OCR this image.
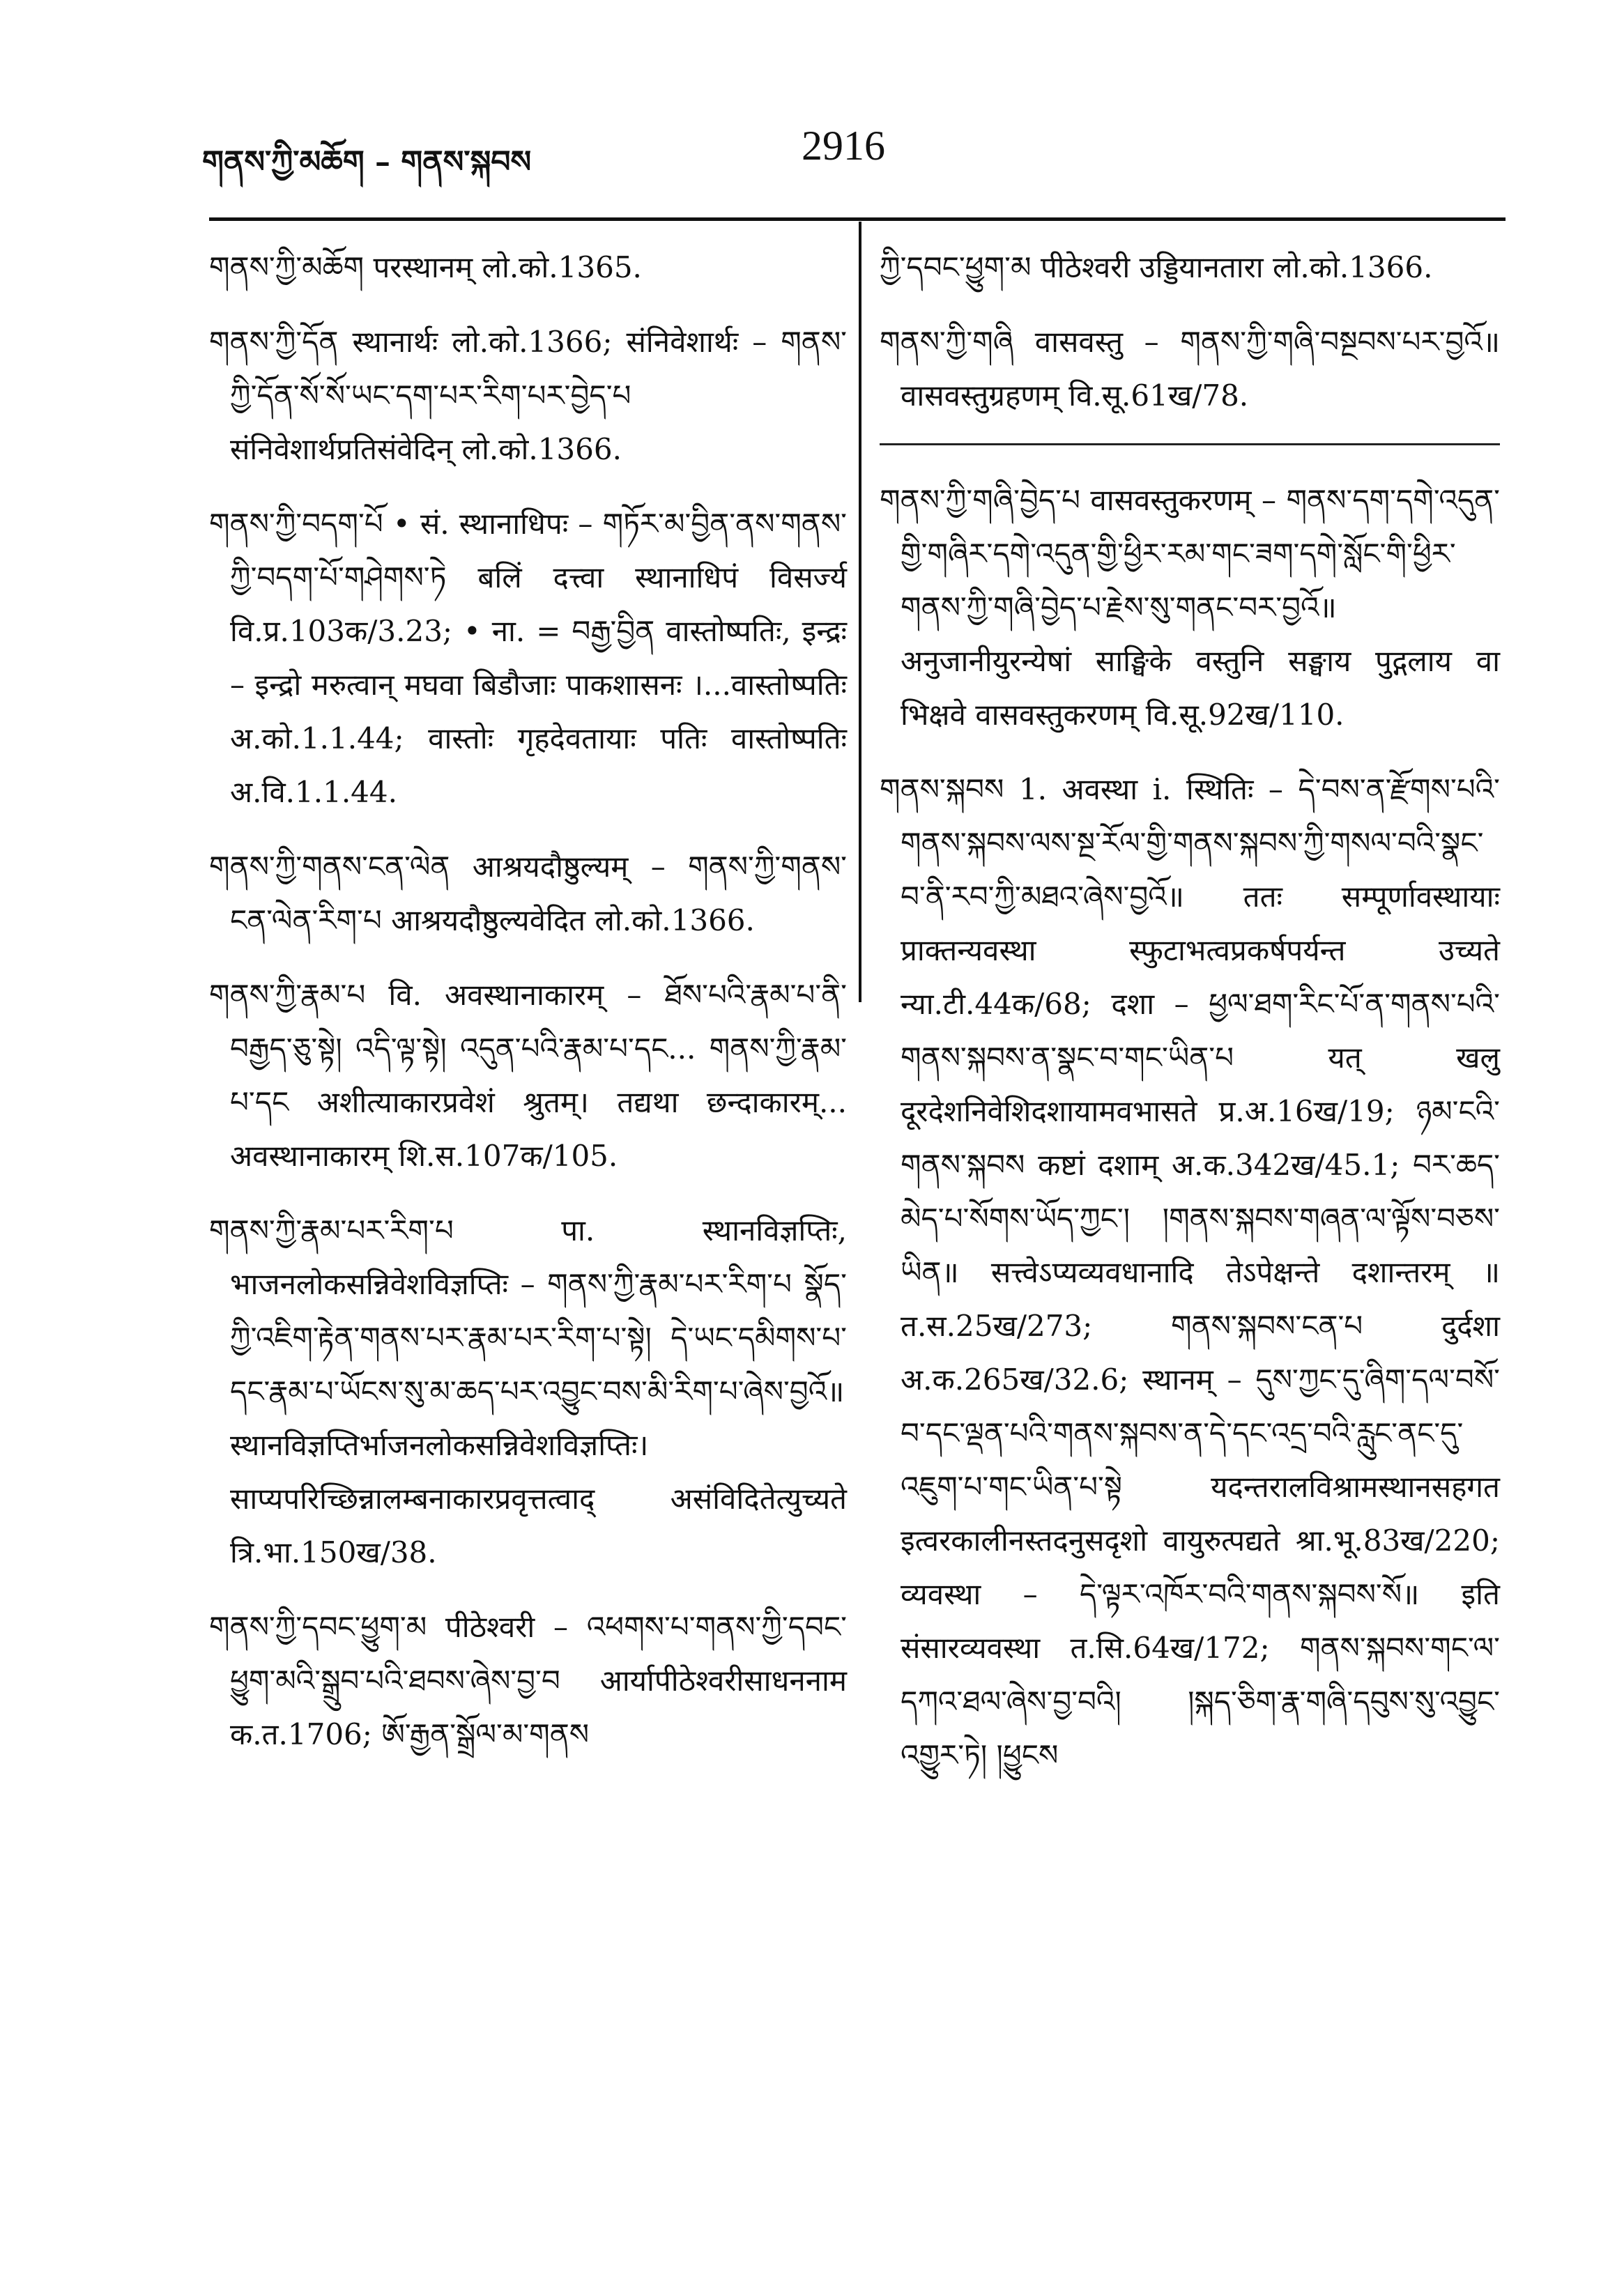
གནས་ཀྱི་མཆོག – གནས་སྐབས	2916
གནས་ཀྱི་མཆོག परस्थानम् लो.को.1365.
གནས་ཀྱི་དོན स्थानार्थः लो.को.1366; संनिवेशार्थः – གནས་ཀྱི་དོན་སོ་སོ་ཡང་དག་པར་རིག་པར་བྱེད་པ संनिवेशार्थप्रतिसंवेदिन् लो.को.1366.
གནས་ཀྱི་བདག་པོ • सं. स्थानाधिपः – གཏོར་མ་བྱིན་ནས་གནས་ཀྱི་བདག་པོ་གཤེགས་ཏེ बलिं दत्त्वा स्थानाधिपं विसर्ज्य वि.प्र.103क/3.23; • ना. = བརྒྱ་བྱིན वास्तोष्पतिः, इन्द्रः – इन्द्रो मरुत्वान् मघवा बिडौजाः पाकशासनः ।...वास्तोष्पतिः अ.को.1.1.44; वास्तोः गृहदेवतायाः पतिः वास्तोष्पतिः अ.वि.1.1.44.
གནས་ཀྱི་གནས་ངན་ལེན आश्रयदौष्ठुल्यम् – གནས་ཀྱི་གནས་ངན་ལེན་རིག་པ आश्रयदौष्ठुल्यवेदित लो.को.1366.
གནས་ཀྱི་རྣམ་པ वि. अवस्थानाकारम् – ཐོས་པའི་རྣམ་པ་ནི་བརྒྱད་ཅུ་སྟེ། འདི་ལྟ་སྟེ། འདུན་པའི་རྣམ་པ་དང... གནས་ཀྱི་རྣམ་པ་དང अशीत्याकारप्रवेशं श्रुतम्। तद्यथा छन्दाकारम्... अवस्थानाकारम् शि.स.107क/105.
གནས་ཀྱི་རྣམ་པར་རིག་པ पा. स्थानविज्ञप्तिः, भाजनलोकसन्निवेशविज्ञप्तिः – གནས་ཀྱི་རྣམ་པར་རིག་པ སྣོད་ཀྱི་འཇིག་རྟེན་གནས་པར་རྣམ་པར་རིག་པ་སྟེ། དེ་ཡང་དམིགས་པ་དང་རྣམ་པ་ཡོངས་སུ་མ་ཆད་པར་འབྱུང་བས་མི་རིག་པ་ཞེས་བྱའོ॥ स्थानविज्ञप्तिर्भाजनलोकसन्निवेशविज्ञप्तिः। साप्यपरिच्छिन्नालम्बनाकारप्रवृत्तत्वाद् असंविदितेत्युच्यते त्रि.भा.150ख/38.
གནས་ཀྱི་དབང་ཕྱུག་མ पीठेश्वरी – འཕགས་པ་གནས་ཀྱི་དབང་ཕྱུག་མའི་སྒྲུབ་པའི་ཐབས་ཞེས་བྱ་བ आर्यापीठेश्वरीसाधननाम क.त.1706; ཨོ་རྒྱན་སྒྲོལ་མ་གནས
ཀྱི་དབང་ཕྱུག་མ पीठेश्वरी उड्डियानतारा लो.को.1366.
གནས་ཀྱི་གཞི वासवस्तु – གནས་ཀྱི་གཞི་བསྔབས་པར་བྱའོ॥ वासवस्तुग्रहणम् वि.सू.61ख/78.
གནས་ཀྱི་གཞི་བྱེད་པ वासवस्तुकरणम् – གནས་དག་དགེ་འདུན་གྱི་གཞིར་དགེ་འདུན་གྱི་ཕྱིར་རམ་གང་ཟག་དགེ་སློང་གི་ཕྱིར་གནས་ཀྱི་གཞི་བྱེད་པ་རྗེས་སུ་གནང་བར་བྱའོ॥ अनुजानीयुरन्येषां साङ्घिके वस्तुनि सङ्घाय पुद्गलाय वा भिक्षवे वासवस्तुकरणम् वि.सू.92ख/110.
གནས་སྐབས 1. अवस्था i. स्थितिः – དེ་བས་ན་རྫོགས་པའི་གནས་སྐབས་ལས་སྔ་རོལ་གྱི་གནས་སྐབས་ཀྱི་གསལ་བའི་སྣང་བ་ནི་རབ་ཀྱི་མཐའ་ཞེས་བྱའོ॥ ततः सम्पूर्णावस्थायाः प्राक्तन्यवस्था स्फुटाभत्वप्रकर्षपर्यन्त उच्यते न्या.टी.44क/68; दशा – ཕྱལ་ཐག་རིང་པོ་ན་གནས་པའི་གནས་སྐབས་ན་སྣང་བ་གང་ཡིན་པ यत् खलु दूरदेशनिवेशिदशायामवभासते प्र.अ.16ख/19; ཉམ་ངའི་གནས་སྐབས कष्टां दशाम् अ.क.342ख/45.1; བར་ཆད་མེད་པ་སོགས་ཡོད་ཀྱང་། །གནས་སྐབས་གཞན་ལ་ལྟོས་བཅས་ཡིན॥ सत्त्वेऽप्यव्यवधानादि तेऽपेक्षन्ते दशान्तरम् ॥ त.स.25ख/273; གནས་སྐབས་ངན་པ दुर्दशा अ.क.265ख/32.6; स्थानम् – དུས་ཀྱང་དུ་ཞིག་དལ་བསོ་བ་དང་ལྡན་པའི་གནས་སྐབས་ན་དེ་དང་འདྲ་བའི་རླུང་ནང་དུ་འཇུག་པ་གང་ཡིན་པ་སྟེ यदन्तरालविश्रामस्थानसहगत इत्वरकालीनस्तदनुसदृशो वायुरुत्पद्यते श्रा.भू.83ख/220; व्यवस्था – དེ་ལྟར་འཁོར་བའི་གནས་སྐབས་སོ॥ इति संसारव्यवस्था त.सि.64ख/172; གནས་སྐབས་གང་ལ་དཀའ་ཐལ་ཞེས་བྱ་བའི། །སྐད་ཅིག་རྣ་གཞི་དབུས་སུ་འབྱུང་འགྱུར་ཏེ། །ཕྱུངས
